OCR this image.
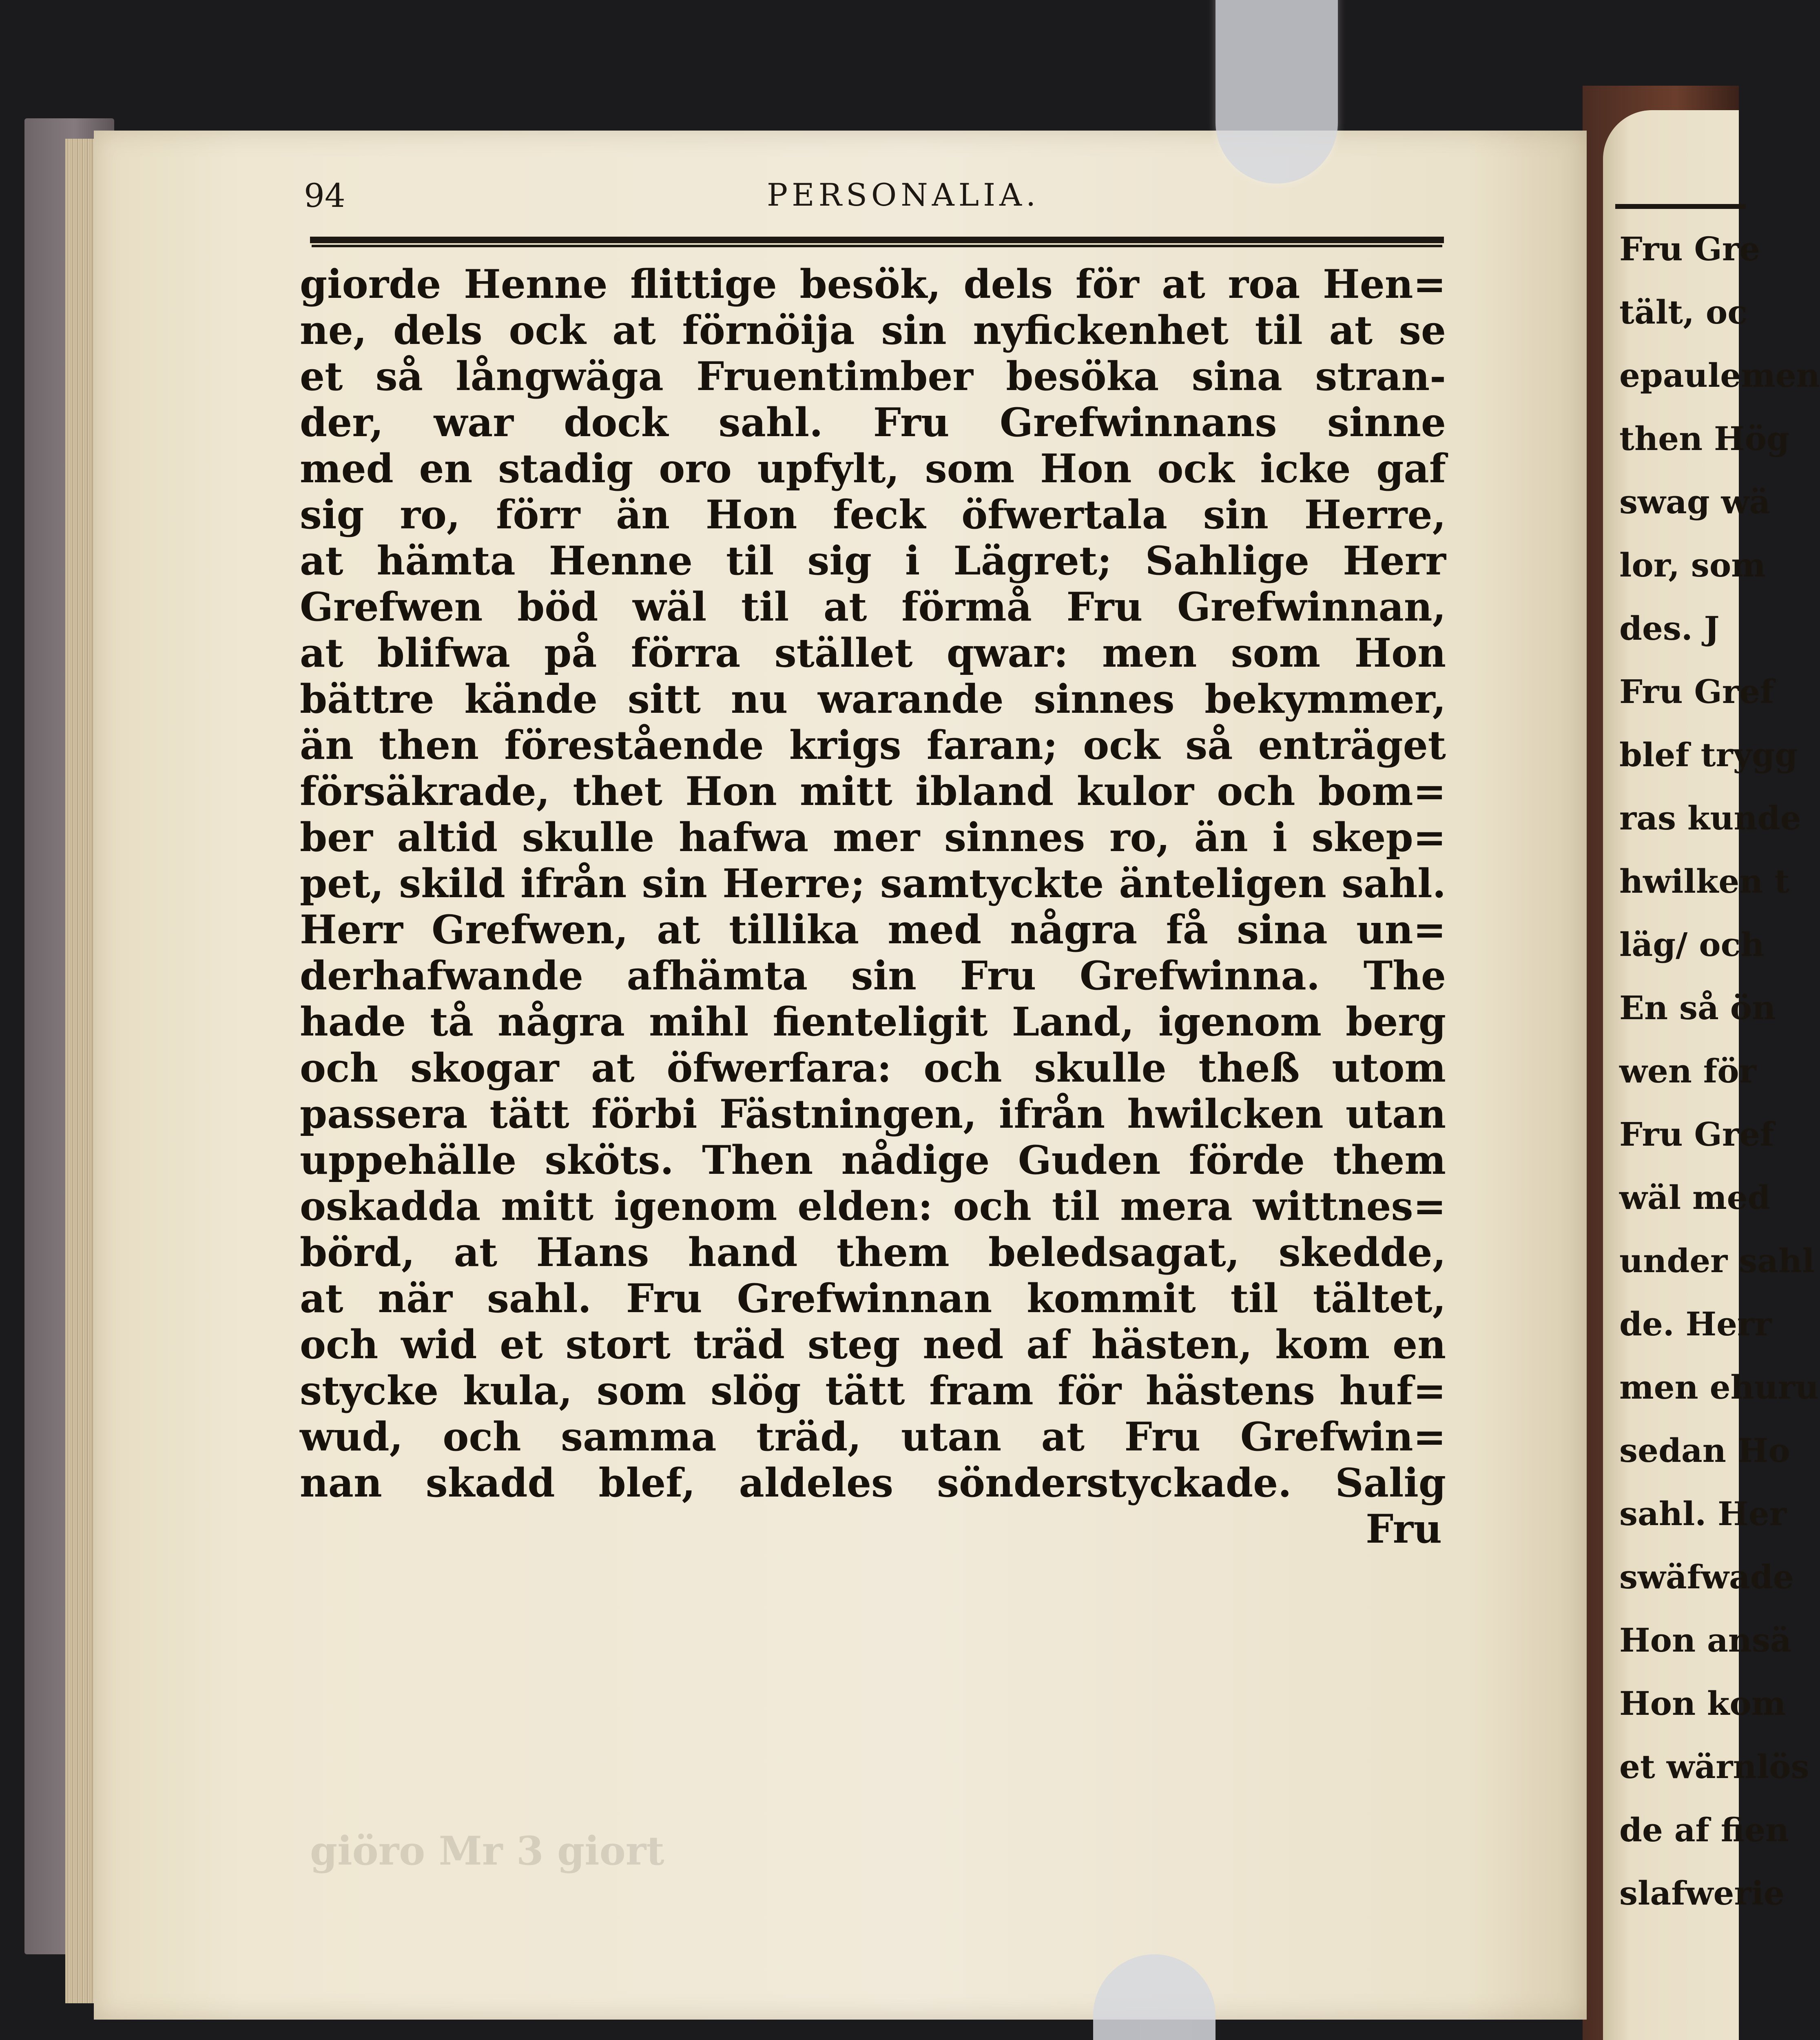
94	PERSONALIA.
giorde Henne flittige besök, dels för at roa Hen=
ne, dels ock at förnöija sin nyfickenhet til at se
et så långwäga Fruentimber besöka sina stran-
der, war dock sahl. Fru Grefwinnans sinne
med en stadig oro upfylt, som Hon ock icke gaf
sig ro, förr än Hon feck öfwertala sin Herre,
at hämta Henne til sig i Lägret; Sahlige Herr
Grefwen böd wäl til at förmå Fru Grefwinnan,
at blifwa på förra stället qwar: men som Hon
bättre kände sitt nu warande sinnes bekymmer,
än then förestående krigs faran; ock så enträget
försäkrade, thet Hon mitt ibland kulor och bom=
ber altid skulle hafwa mer sinnes ro, än i skep=
pet, skild ifrån sin Herre; samtyckte änteligen sahl.
Herr Grefwen, at tillika med några få sina un=
derhafwande afhämta sin Fru Grefwinna. The
hade tå några mihl fienteligit Land, igenom berg
och skogar at öfwerfara: och skulle theß utom
passera tätt förbi Fästningen, ifrån hwilcken utan
uppehälle sköts. Then nådige Guden förde them
oskadda mitt igenom elden: och til mera wittnes=
börd, at Hans hand them beledsagat, skedde,
at när sahl. Fru Grefwinnan kommit til tältet,
och wid et stort träd steg ned af hästen, kom en
stycke kula, som slög tätt fram för hästens huf=
wud, och samma träd, utan at Fru Grefwin=
nan skadd blef, aldeles sönderstyckade. Salig
Fru
giöro Mr 3 giort
Fru Gre
tält, oc
epaulemen
then Hög
swag wä
lor, som
des. J
Fru Gref
blef trygg
ras kunde
hwilken t
läg/ och
En så ön
wen för
Fru Gref
wäl med
under sahl
de. Herr
men ehuru
sedan Ho
sahl. Her
swäfwade
Hon ansä
Hon kom
et wärnlös
de af fien
slafwerie
